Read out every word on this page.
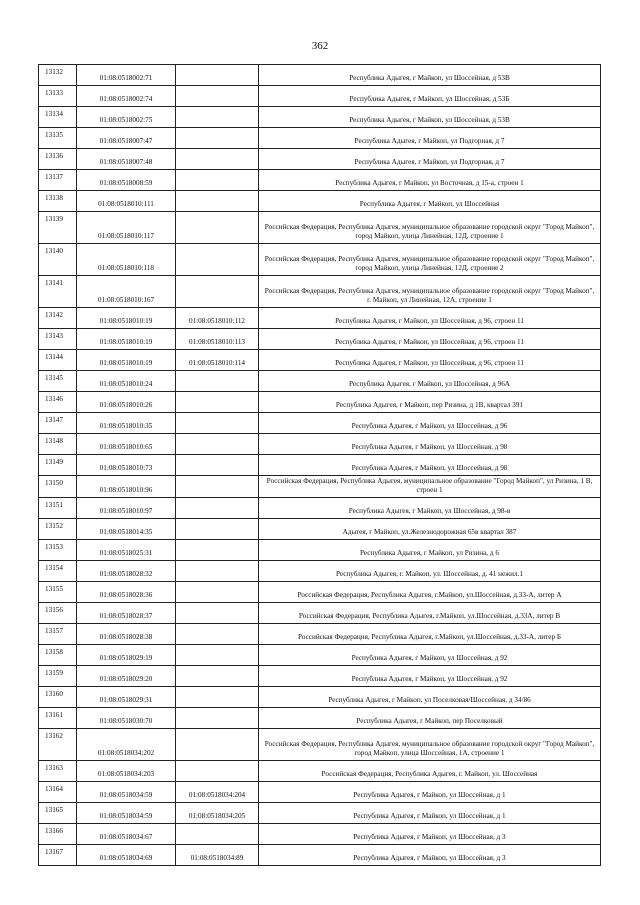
362
13132	01:08:0518002:71		Республика Адыгея, г Майкоп, ул Шоссейная, д 53В
13133	01:08:0518002:74		Республика Адыгея, г Майкоп, ул Шоссейная, д 53Б
13134	01:08:0518002:75		Республика Адыгея, г Майкоп, ул Шоссейная, д 53В
13135	01:08:0518007:47		Республика Адыгея, г Майкоп, ул Подгорная, д 7
13136	01:08:0518007:48		Республика Адыгея, г Майкоп, ул Подгорная, д 7
13137	01:08:0518008:59		Республика Адыгея, г Майкоп, ул Восточная, д 15-а, строен 1
13138	01:08:0518010:111		Республика Адыгея, г Майкоп, ул Шоссейная
13139	01:08:0518010:117		Российская Федерация, Республика Адыгея, муниципальное образование городской округ "Город Майкоп", город Майкоп, улица Линейная, 12Д, строение 1
13140	01:08:0518010:118		Российская Федерация, Республика Адыгея, муниципальное образование городской округ "Город Майкоп", город Майкоп, улица Линейная, 12Д, строение 2
13141	01:08:0518010:167		Российская Федерация, Республика Адыгея, муниципальное образование городской округ "Город Майкоп", г. Майкоп, ул Линейная, 12А, строение 1
13142	01:08:0518010:19	01:08:0518010:112	Республика Адыгея, г Майкоп, ул Шоссейная, д 96, строен 11
13143	01:08:0518010:19	01:08:0518010:113	Республика Адыгея, г Майкоп, ул Шоссейная, д 96, строен 11
13144	01:08:0518010:19	01:08:0518010:114	Республика Адыгея, г Майкоп, ул Шоссейная, д 96, строен 11
13145	01:08:0518010:24		Республика Адыгея, г Майкоп, ул Шоссейная, д 96А
13146	01:08:0518010:26		Республика Адыгея, г Майкоп, пер Ризина, д 1В, квартал 391
13147	01:08:0518010:35		Республика Адыгея, г Майкоп, ул Шоссейная, д 96
13148	01:08:0518010:65		Республика Адыгея, г Майкоп, ул Шоссейная, д 98
13149	01:08:0518010:73		Республика Адыгея, г Майкоп, ул Шоссейная, д 98
13150	01:08:0518010:96		Российская Федерация, Республика Адыгея, муниципальное образование "Город Майкоп", ул Ризина, 1 В, строен 1
13151	01:08:0518010:97		Республика Адыгея, г Майкоп, ул Шоссейная, д 98-в
13152	01:08:0518014:35		Адыгея, г Майкоп, ул.Железнодорожная 65в квартал 387
13153	01:08:0518025:31		Республика Адыгея, г Майкоп, ул Ризина, д 6
13154	01:08:0518028:32		Республика Адыгея, г. Майкоп, ул. Шоссейная, д. 41 нежил.1
13155	01:08:0518028:36		Российская Федерация, Республика Адыгея, г.Майкоп, ул.Шоссейная, д.33-А, литер А
13156	01:08:0518028:37		Российская Федерация, Республика Адыгея, г.Майкоп, ул.Шоссейная, д.33А, литер В
13157	01:08:0518028:38		Российская Федерация, Республика Адыгея, г.Майкоп, ул.Шоссейная, д.33-А, литер Б
13158	01:08:0518029:19		Республика Адыгея, г Майкоп, ул Шоссейная, д 92
13159	01:08:0518029:20		Республика Адыгея, г Майкоп, ул Шоссейная, д 92
13160	01:08:0518029:31		Республика Адыгея, г Майкоп, ул Поселковая/Шоссейная, д 34/86
13161	01:08:0518030:70		Республика Адыгея, г Майкоп, пер Поселковый
13162	01:08:0518034:202		Российская Федерация, Республика Адыгея, муниципальное образование городской округ "Город Майкоп", город Майкоп, улица Шоссейная, 1А, строение 1
13163	01:08:0518034:203		Российская Федерация, Республика Адыгея, г. Майкоп, ул. Шоссейная
13164	01:08:0518034:59	01:08:0518034:204	Республика Адыгея, г Майкоп, ул Шоссейная, д 1
13165	01:08:0518034:59	01:08:0518034:205	Республика Адыгея, г Майкоп, ул Шоссейная, д 1
13166	01:08:0518034:67		Республика Адыгея, г Майкоп, ул Шоссейная, д 3
13167	01:08:0518034:69	01:08:0518034:89	Республика Адыгея, г Майкоп, ул Шоссейная, д 3
